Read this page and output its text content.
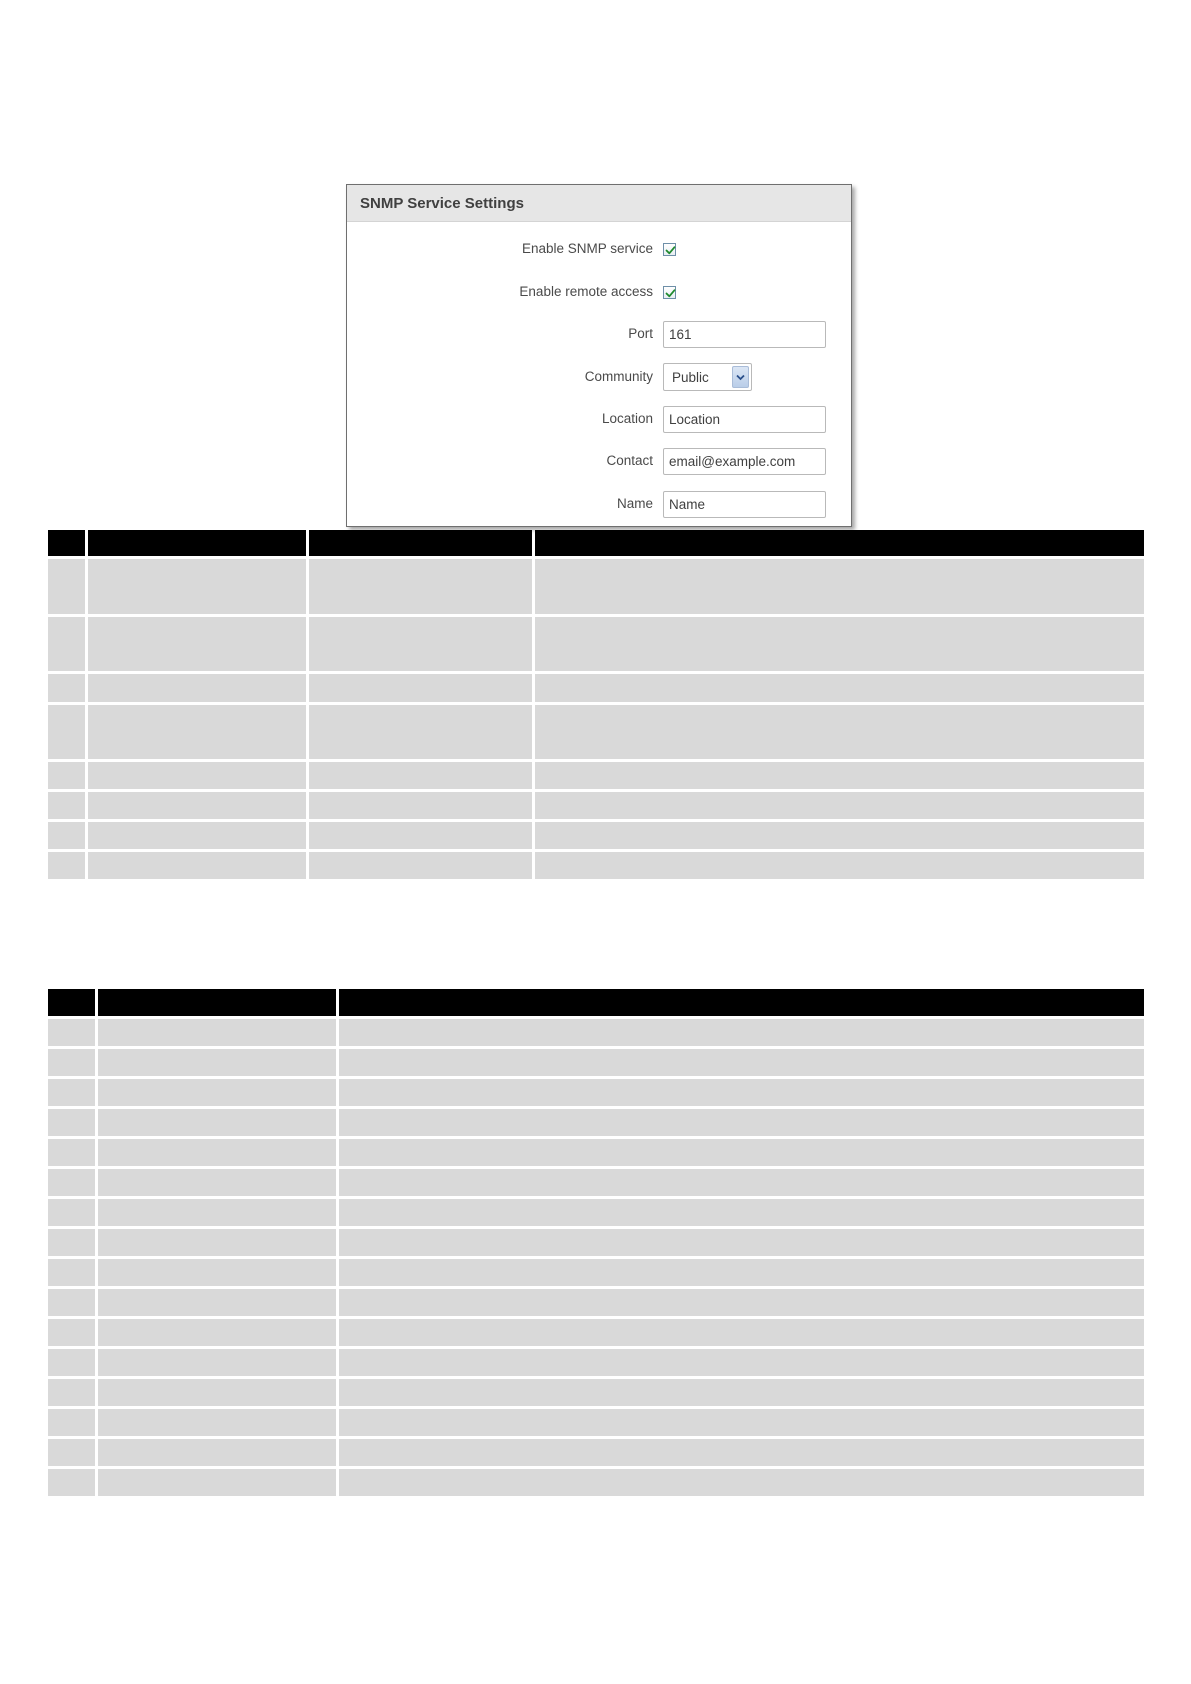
SNMP Service Settings
Enable SNMP service
Enable remote access
Port
161
Community Public
Location
Location
Contact
email@example.com
Name
Name
